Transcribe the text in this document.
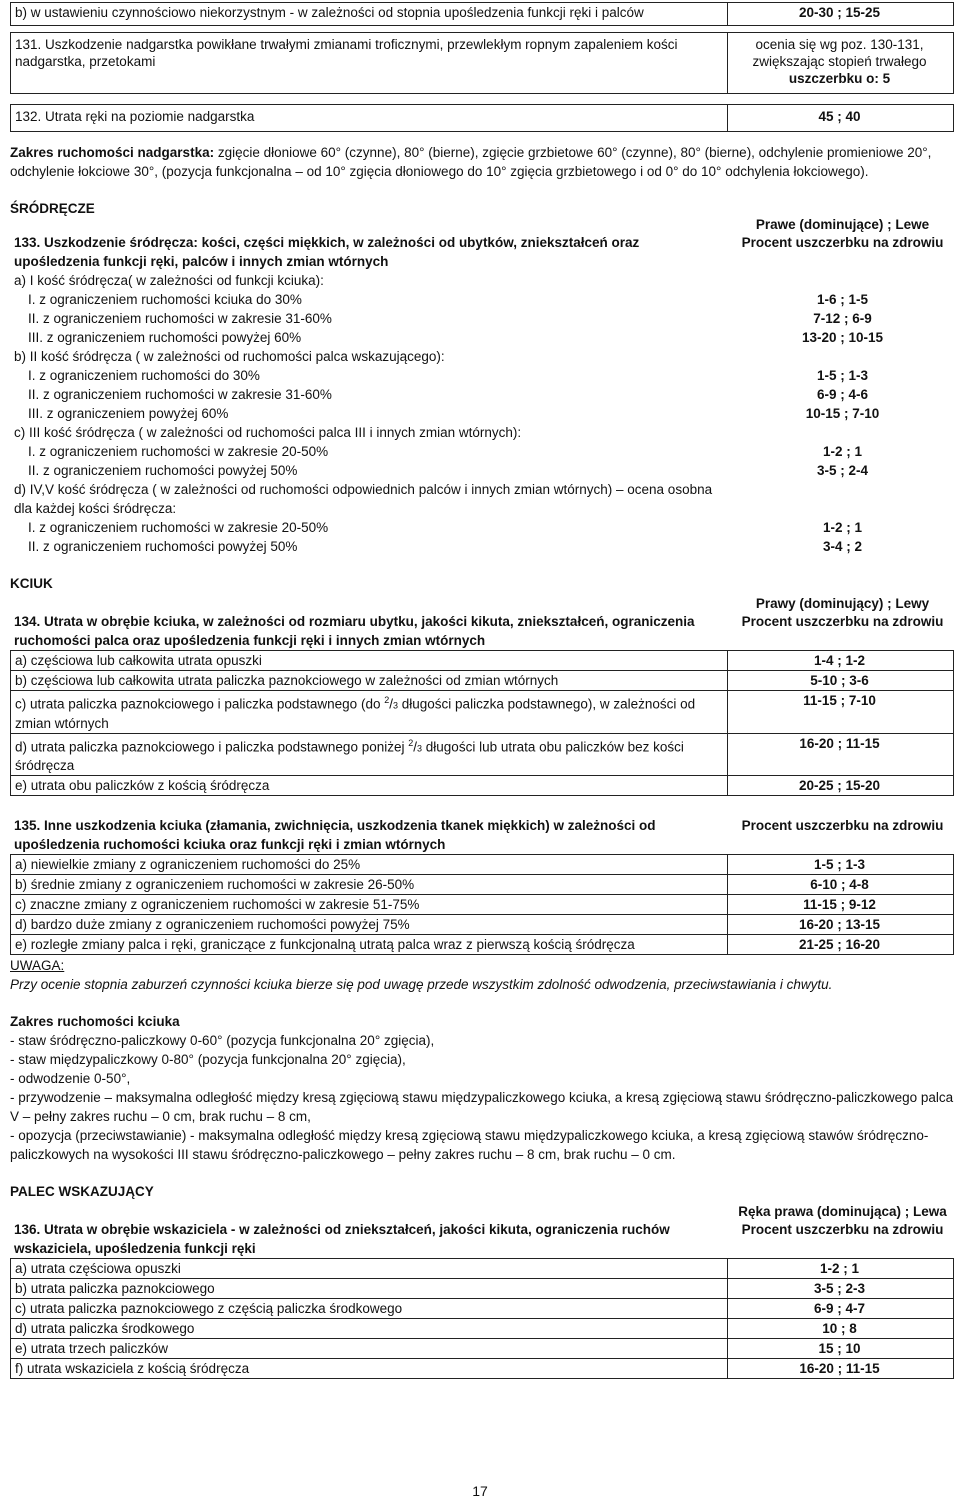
b) w ustawieniu czynnościowo niekorzystnym - w zależności od stopnia upośledzenia funkcji ręki i palców	20-30 ; 15-25

131. Uszkodzenie nadgarstka powikłane trwałymi zmianami troficznymi, przewlekłym ropnym zapaleniem kości nadgarstka, przetokami	ocenia się wg poz. 130-131,
zwiększając stopień trwałego
uszczerbku o: 5

132. Utrata ręki na poziomie nadgarstka	45 ; 40

Zakres ruchomości nadgarstka: zgięcie dłoniowe 60° (czynne), 80° (bierne), zgięcie grzbietowe 60° (czynne), 80° (bierne), odchylenie promieniowe 20°, odchylenie łokciowe 30°, (pozycja funkcjonalna – od 10° zgięcia dłoniowego do 10° zgięcia grzbietowego i od 0° do 10° odchylenia łokciowego).

ŚRÓDRĘCZE

	Prawe (dominujące) ; Lewe
133. Uszkodzenie śródręcza: kości, części miękkich, w zależności od ubytków, zniekształceń oraz upośledzenia funkcji ręki, palców i innych zmian wtórnych	Procent uszczerbku na zdrowiu
a) I kość śródręcza( w zależności od funkcji kciuka):	
I. z ograniczeniem ruchomości kciuka do 30%	1-6 ; 1-5
II. z ograniczeniem ruchomości w zakresie 31-60%	7-12 ; 6-9
III. z ograniczeniem ruchomości powyżej 60%	13-20 ; 10-15
b) II kość śródręcza ( w zależności od ruchomości palca wskazującego):	
I. z ograniczeniem ruchomości do 30%	1-5 ; 1-3
II. z ograniczeniem ruchomości w zakresie 31-60%	6-9 ; 4-6
III. z ograniczeniem powyżej 60%	10-15 ; 7-10
c) III kość śródręcza ( w zależności od ruchomości palca III i innych zmian wtórnych):	
I. z ograniczeniem ruchomości w zakresie 20-50%	1-2 ; 1
II. z ograniczeniem ruchomości powyżej 50%	3-5 ; 2-4
d) IV,V kość śródręcza ( w zależności od ruchomości odpowiednich palców i innych zmian wtórnych) – ocena osobna dla każdej kości śródręcza:	
I. z ograniczeniem ruchomości w zakresie 20-50%	1-2 ; 1
II. z ograniczeniem ruchomości powyżej 50%	3-4 ; 2

KCIUK

	Prawy (dominujący) ; Lewy
134. Utrata w obrębie kciuka, w zależności od rozmiaru ubytku, jakości kikuta, zniekształceń, ograniczenia ruchomości palca oraz upośledzenia funkcji ręki i innych zmian wtórnych	Procent uszczerbku na zdrowiu
a) częściowa lub całkowita utrata opuszki	1-4 ; 1-2
b) częściowa lub całkowita utrata paliczka paznokciowego w zależności od zmian wtórnych	5-10 ; 3-6
c) utrata paliczka paznokciowego i paliczka podstawnego (do $^2$/3 długości paliczka podstawnego), w zależności od zmian wtórnych	11-15 ; 7-10
d) utrata paliczka paznokciowego i paliczka podstawnego poniżej $^2$/3 długości lub utrata obu paliczków bez kości śródręcza	16-20 ; 11-15
e) utrata obu paliczków z kością śródręcza	20-25 ; 15-20
135. Inne uszkodzenia kciuka (złamania, zwichnięcia, uszkodzenia tkanek miękkich) w zależności od upośledzenia ruchomości kciuka oraz funkcji ręki i zmian wtórnych	Procent uszczerbku na zdrowiu
a) niewielkie zmiany z ograniczeniem ruchomości do 25%	1-5 ; 1-3
b) średnie zmiany z ograniczeniem ruchomości w zakresie 26-50%	6-10 ; 4-8
c) znaczne zmiany z ograniczeniem ruchomości w zakresie 51-75%	11-15 ; 9-12
d) bardzo duże zmiany z ograniczeniem ruchomości powyżej 75%	16-20 ; 13-15
e) rozległe zmiany palca i ręki, graniczące z funkcjonalną utratą palca wraz z pierwszą kością śródręcza	21-25 ; 16-20

UWAGA:

Przy ocenie stopnia zaburzeń czynności kciuka bierze się pod uwagę przede wszystkim zdolność odwodzenia, przeciwstawiania i chwytu.

Zakres ruchomości kciuka

- staw śródręczno-paliczkowy 0-60° (pozycja funkcjonalna 20° zgięcia),

- staw międzypaliczkowy 0-80° (pozycja funkcjonalna 20° zgięcia),

- odwodzenie 0-50°,

- przywodzenie – maksymalna odległość między kresą zgięciową stawu międzypaliczkowego kciuka, a kresą zgięciową stawu śródręczno-paliczkowego palca V – pełny zakres ruchu – 0 cm, brak ruchu – 8 cm,

- opozycja (przeciwstawianie) - maksymalna odległość między kresą zgięciową stawu międzypaliczkowego kciuka, a kresą zgięciową stawów śródręczno-paliczkowych na wysokości III stawu śródręczno-paliczkowego – pełny zakres ruchu – 8 cm, brak ruchu – 0 cm.

PALEC WSKAZUJĄCY

	Ręka prawa (dominująca) ; Lewa
136. Utrata w obrębie wskaziciela - w zależności od zniekształceń, jakości kikuta, ograniczenia ruchów wskaziciela, upośledzenia funkcji ręki	Procent uszczerbku na zdrowiu
a) utrata częściowa opuszki	1-2 ; 1
b) utrata paliczka paznokciowego	3-5 ; 2-3
c) utrata paliczka paznokciowego z częścią paliczka środkowego	6-9 ; 4-7
d) utrata paliczka środkowego	10 ; 8
e) utrata trzech paliczków	15 ; 10
f) utrata wskaziciela z kością śródręcza	16-20 ; 11-15
17
